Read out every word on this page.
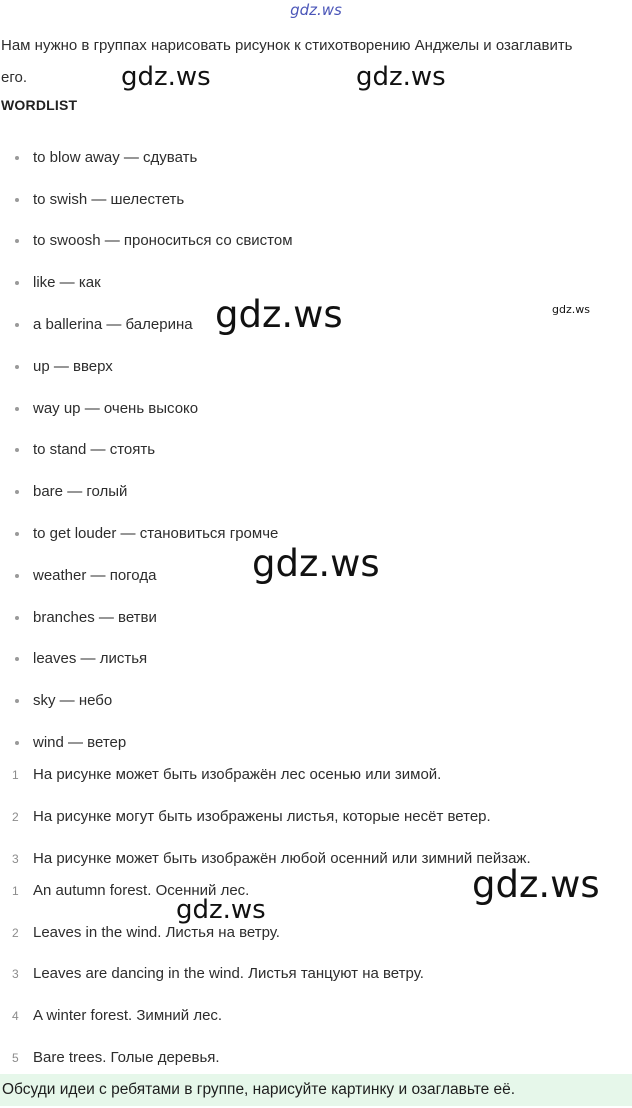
gdz.ws
Нам нужно в группах нарисовать рисунок к стихотворению Анджелы и озаглавить его.	gdz.ws	gdz.ws
WORDLIST
to blow away — сдувать
to swish — шелестеть
to swoosh — проноситься со свистом
like — как
a ballerina — балерина
up — вверх
way up — очень высоко
to stand — стоять
bare — голый
to get louder — становиться громче
weather — погода
branches — ветви
leaves — листья
sky — небо
wind — ветер
1 На рисунке может быть изображён лес осенью или зимой.
2 На рисунке могут быть изображены листья, которые несёт ветер.
3 На рисунке может быть изображён любой осенний или зимний пейзаж.
1 An autumn forest. Осенний лес.
2 Leaves in the wind. Листья на ветру.
3 Leaves are dancing in the wind. Листья танцуют на ветру.
4 A winter forest. Зимний лес.
5 Bare trees. Голые деревья.
Обсуди идеи с ребятами в группе, нарисуйте картинку и озаглавьте её.
gdz.ws	gdz.ws
gdz.ws
gdz.ws
gdz.ws
